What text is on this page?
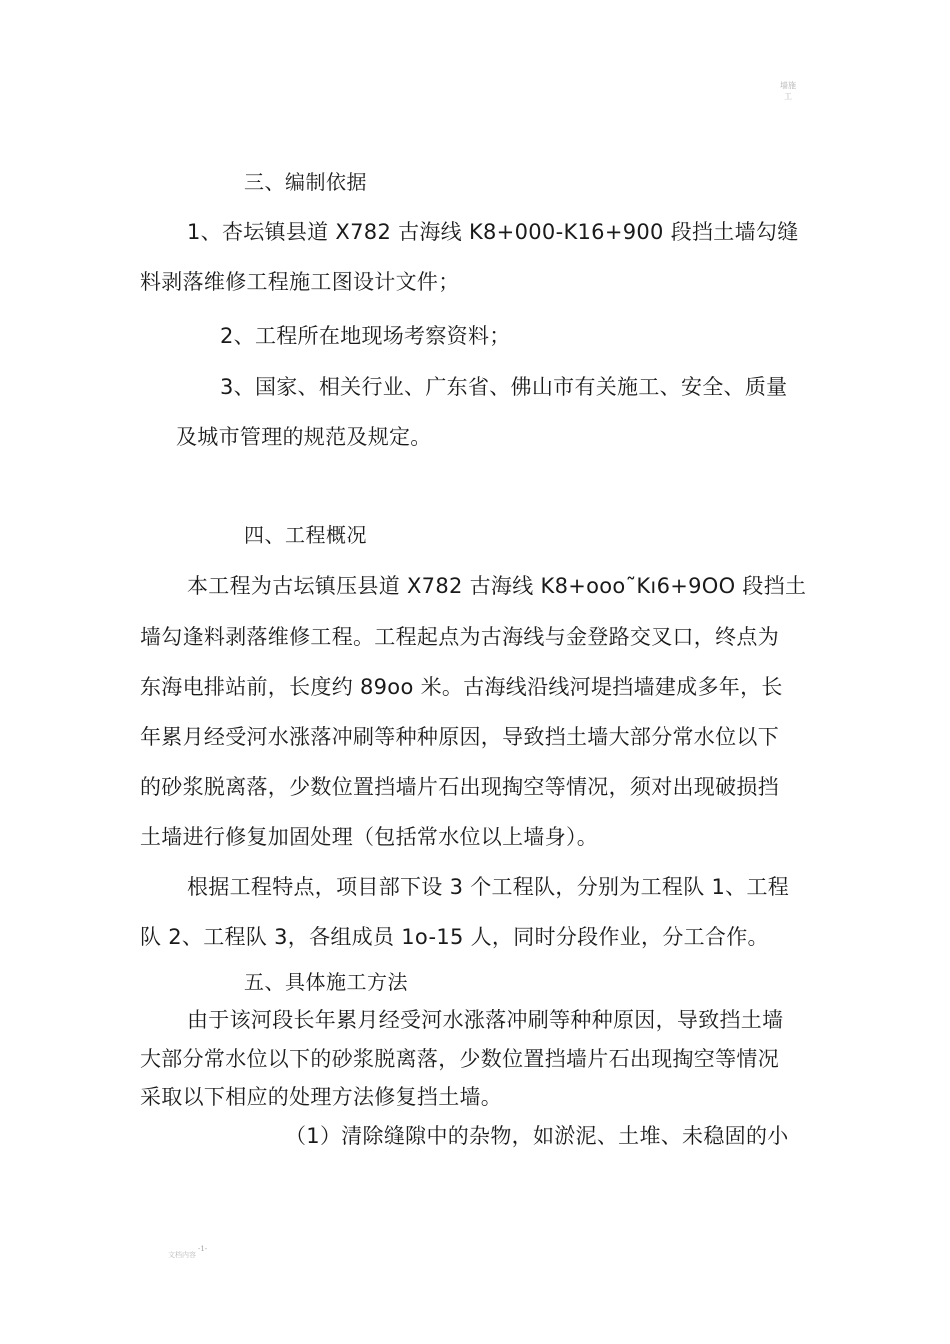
墙施工
三、编制依据
1、杏坛镇县道 X782 古海线 K8+000-K16+900 段挡土墙勾缝
料剥落维修工程施工图设计文件；
2、工程所在地现场考察资料；
3、国家、相关行业、广东省、佛山市有关施工、安全、质量
及城市管理的规范及规定。
四、工程概况
本工程为古坛镇压县道 X782 古海线 K8+ooo˜Kı6+9OO 段挡土
墙勾逢料剥落维修工程。工程起点为古海线与金登路交叉口，终点为
东海电排站前，长度约 89oo 米。古海线沿线河堤挡墙建成多年，长
年累月经受河水涨落冲刷等种种原因，导致挡土墙大部分常水位以下
的砂浆脱离落，少数位置挡墙片石出现掏空等情况，须对出现破损挡
土墙进行修复加固处理（包括常水位以上墙身）。
根据工程特点，项目部下设 3 个工程队，分别为工程队 1、工程
队 2、工程队 3，各组成员 1o-15 人，同时分段作业，分工合作。
五、具体施工方法
由于该河段长年累月经受河水涨落冲刷等种种原因，导致挡土墙
大部分常水位以下的砂浆脱离落，少数位置挡墙片石出现掏空等情况
采取以下相应的处理方法修复挡土墙。
（1）清除缝隙中的杂物，如淤泥、土堆、未稳固的小
文档内容-1-
